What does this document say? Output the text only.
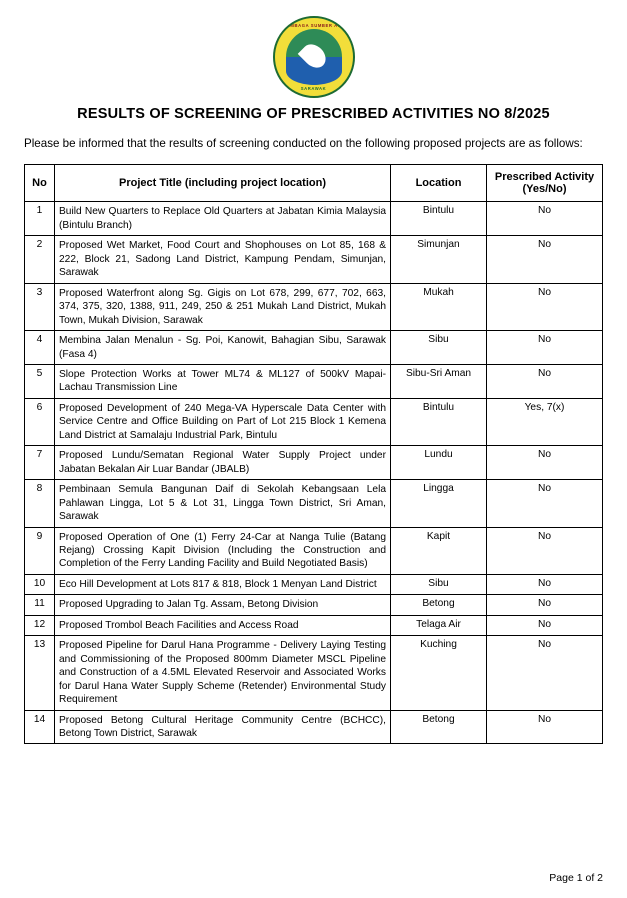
LEMBAGA SUMBER AIR
SARAWAK
RESULTS OF SCREENING OF PRESCRIBED ACTIVITIES NO 8/2025

Please be informed that the results of screening conducted on the following proposed projects are as follows:

No	Project Title (including project location)	Location	Prescribed Activity (Yes/No)
1	Build New Quarters to Replace Old Quarters at Jabatan Kimia Malaysia (Bintulu Branch)	Bintulu	No
2	Proposed Wet Market, Food Court and Shophouses on Lot 85, 168 & 222, Block 21, Sadong Land District, Kampung Pendam, Simunjan, Sarawak	Simunjan	No
3	Proposed Waterfront along Sg. Gigis on Lot 678, 299, 677, 702, 663, 374, 375, 320, 1388, 911, 249, 250 & 251 Mukah Land District, Mukah Town, Mukah Division, Sarawak	Mukah	No
4	Membina Jalan Menalun - Sg. Poi, Kanowit, Bahagian Sibu, Sarawak (Fasa 4)	Sibu	No
5	Slope Protection Works at Tower ML74 & ML127 of 500kV Mapai-Lachau Transmission Line	Sibu-Sri Aman	No
6	Proposed Development of 240 Mega-VA Hyperscale Data Center with Service Centre and Office Building on Part of Lot 215 Block 1 Kemena Land District at Samalaju Industrial Park, Bintulu	Bintulu	Yes, 7(x)
7	Proposed Lundu/Sematan Regional Water Supply Project under Jabatan Bekalan Air Luar Bandar (JBALB)	Lundu	No
8	Pembinaan Semula Bangunan Daif di Sekolah Kebangsaan Lela Pahlawan Lingga, Lot 5 & Lot 31, Lingga Town District, Sri Aman, Sarawak	Lingga	No
9	Proposed Operation of One (1) Ferry 24-Car at Nanga Tulie (Batang Rejang) Crossing Kapit Division (Including the Construction and Completion of the Ferry Landing Facility and Build Negotiated Basis)	Kapit	No
10	Eco Hill Development at Lots 817 & 818, Block 1 Menyan Land District	Sibu	No
11	Proposed Upgrading to Jalan Tg. Assam, Betong Division	Betong	No
12	Proposed Trombol Beach Facilities and Access Road	Telaga Air	No
13	Proposed Pipeline for Darul Hana Programme - Delivery Laying Testing and Commissioning of the Proposed 800mm Diameter MSCL Pipeline and Construction of a 4.5ML Elevated Reservoir and Associated Works for Darul Hana Water Supply Scheme (Retender) Environmental Study Requirement	Kuching	No
14	Proposed Betong Cultural Heritage Community Centre (BCHCC), Betong Town District, Sarawak	Betong	No
Page 1 of 2
